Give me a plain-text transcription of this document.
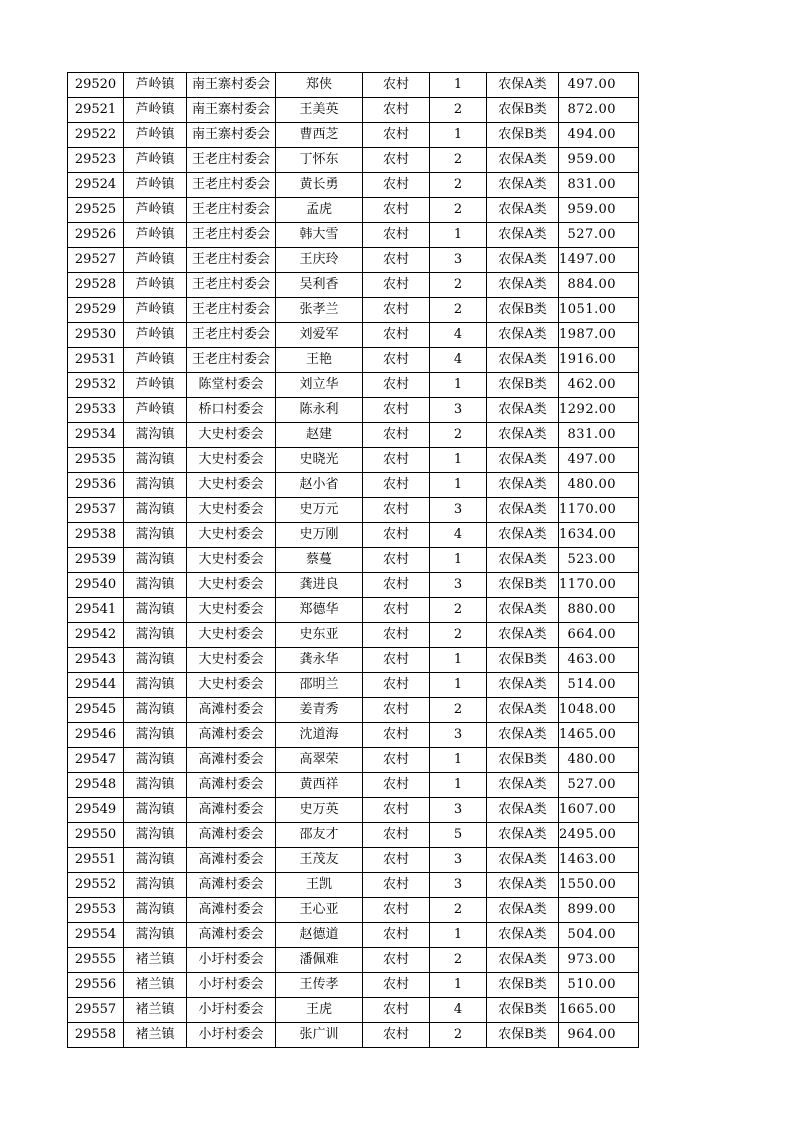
29520	芦岭镇	南王寨村委会	郑侠	农村	1	农保A类	497.00
29521	芦岭镇	南王寨村委会	王美英	农村	2	农保B类	872.00
29522	芦岭镇	南王寨村委会	曹西芝	农村	1	农保B类	494.00
29523	芦岭镇	王老庄村委会	丁怀东	农村	2	农保A类	959.00
29524	芦岭镇	王老庄村委会	黄长勇	农村	2	农保A类	831.00
29525	芦岭镇	王老庄村委会	孟虎	农村	2	农保A类	959.00
29526	芦岭镇	王老庄村委会	韩大雪	农村	1	农保A类	527.00
29527	芦岭镇	王老庄村委会	王庆玲	农村	3	农保A类	1497.00
29528	芦岭镇	王老庄村委会	吴利香	农村	2	农保A类	884.00
29529	芦岭镇	王老庄村委会	张孝兰	农村	2	农保B类	1051.00
29530	芦岭镇	王老庄村委会	刘爱军	农村	4	农保A类	1987.00
29531	芦岭镇	王老庄村委会	王艳	农村	4	农保A类	1916.00
29532	芦岭镇	陈堂村委会	刘立华	农村	1	农保B类	462.00
29533	芦岭镇	桥口村委会	陈永利	农村	3	农保A类	1292.00
29534	蒿沟镇	大史村委会	赵建	农村	2	农保A类	831.00
29535	蒿沟镇	大史村委会	史晓光	农村	1	农保A类	497.00
29536	蒿沟镇	大史村委会	赵小省	农村	1	农保A类	480.00
29537	蒿沟镇	大史村委会	史万元	农村	3	农保A类	1170.00
29538	蒿沟镇	大史村委会	史万刚	农村	4	农保A类	1634.00
29539	蒿沟镇	大史村委会	蔡蔓	农村	1	农保A类	523.00
29540	蒿沟镇	大史村委会	龚进良	农村	3	农保B类	1170.00
29541	蒿沟镇	大史村委会	郑德华	农村	2	农保A类	880.00
29542	蒿沟镇	大史村委会	史东亚	农村	2	农保A类	664.00
29543	蒿沟镇	大史村委会	龚永华	农村	1	农保B类	463.00
29544	蒿沟镇	大史村委会	邵明兰	农村	1	农保A类	514.00
29545	蒿沟镇	高滩村委会	姜青秀	农村	2	农保A类	1048.00
29546	蒿沟镇	高滩村委会	沈道海	农村	3	农保A类	1465.00
29547	蒿沟镇	高滩村委会	高翠荣	农村	1	农保B类	480.00
29548	蒿沟镇	高滩村委会	黄西祥	农村	1	农保A类	527.00
29549	蒿沟镇	高滩村委会	史万英	农村	3	农保A类	1607.00
29550	蒿沟镇	高滩村委会	邵友才	农村	5	农保A类	2495.00
29551	蒿沟镇	高滩村委会	王茂友	农村	3	农保A类	1463.00
29552	蒿沟镇	高滩村委会	王凯	农村	3	农保A类	1550.00
29553	蒿沟镇	高滩村委会	王心亚	农村	2	农保A类	899.00
29554	蒿沟镇	高滩村委会	赵德道	农村	1	农保A类	504.00
29555	褚兰镇	小圩村委会	潘佩难	农村	2	农保A类	973.00
29556	褚兰镇	小圩村委会	王传孝	农村	1	农保B类	510.00
29557	褚兰镇	小圩村委会	王虎	农村	4	农保B类	1665.00
29558	褚兰镇	小圩村委会	张广训	农村	2	农保B类	964.00
